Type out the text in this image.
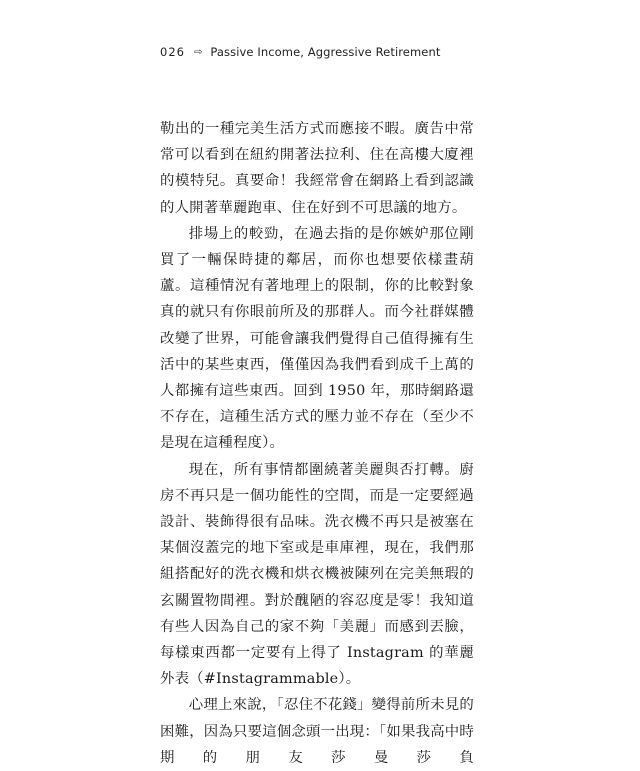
026 ⇨ Passive Income, Aggressive Retirement

勒出的一種完美生活方式而應接不暇。廣告中常常可以看到在紐約開著法拉利、住在高樓大廈裡的模特兒。真要命！我經常會在網路上看到認識的人開著華麗跑車、住在好到不可思議的地方。

排場上的較勁，在過去指的是你嫉妒那位剛買了一輛保時捷的鄰居，而你也想要依樣畫葫蘆。這種情況有著地理上的限制，你的比較對象真的就只有你眼前所及的那群人。而今社群媒體改變了世界，可能會讓我們覺得自己值得擁有生活中的某些東西，僅僅因為我們看到成千上萬的人都擁有這些東西。回到 1950 年，那時網路還不存在，這種生活方式的壓力並不存在（至少不是現在這種程度）。

現在，所有事情都圍繞著美麗與否打轉。廚房不再只是一個功能性的空間，而是一定要經過設計、裝飾得很有品味。洗衣機不再只是被塞在某個沒蓋完的地下室或是車庫裡，現在，我們那組搭配好的洗衣機和烘衣機被陳列在完美無瑕的玄關置物間裡。對於醜陋的容忍度是零！我知道有些人因為自己的家不夠「美麗」而感到丟臉，每樣東西都一定要有上得了 Instagram 的華麗外表（#Instagrammable）。

心理上來說，「忍住不花錢」變得前所未見的困難，因為只要這個念頭一出現：「如果我高中時期的朋友莎曼莎負
